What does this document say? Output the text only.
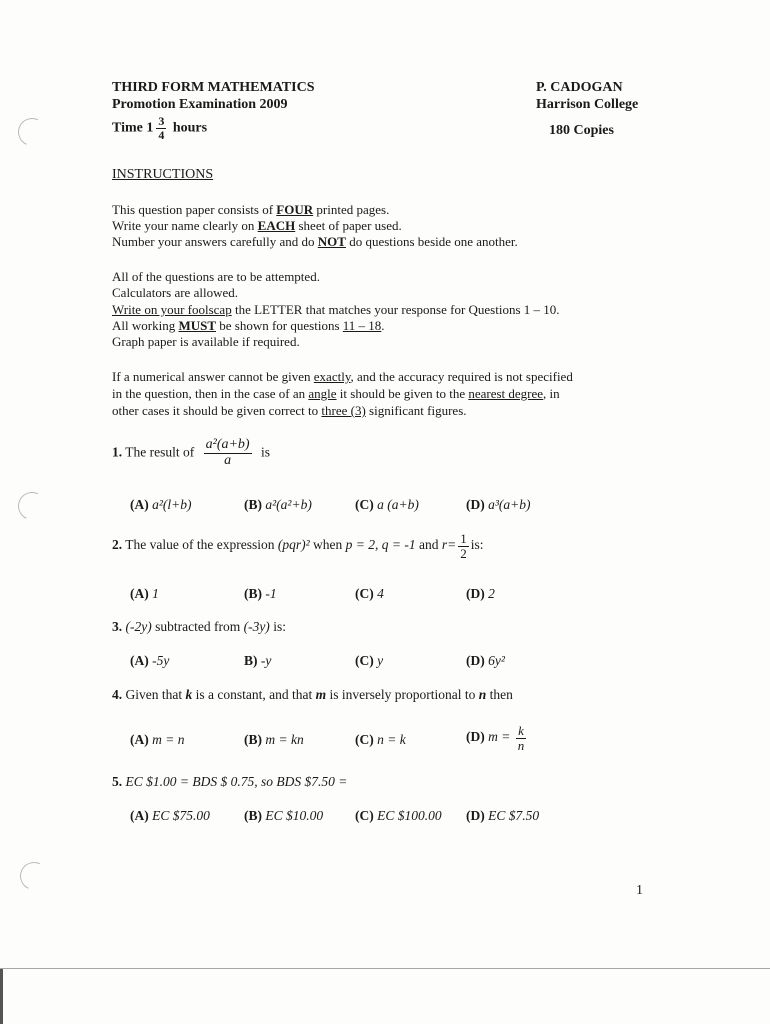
THIRD FORM MATHEMATICS
Promotion Examination 2009
Time $1 \frac{3}{4}$ hours
P. CADOGAN
Harrison College
180 Copies
INSTRUCTIONS
This question paper consists of FOUR printed pages.
Write your name clearly on EACH sheet of paper used.
Number your answers carefully and do NOT do questions beside one another.
All of the questions are to be attempted.
Calculators are allowed.
Write on your foolscap the LETTER that matches your response for Questions 1 – 10.
All working MUST be shown for questions 11 – 18.
Graph paper is available if required.
If a numerical answer cannot be given exactly, and the accuracy required is not specified
in the question, then in the case of an angle it should be given to the nearest degree, in
other cases it should be given correct to three (3) significant figures.
1. The result of $\frac{\text{a²(a+b)}}{a}$ is
(A) a²(l+b)	(B) a²(a²+b)	(C) a (a+b)	(D) a³(a+b)
2. The value of the expression (pqr)² when p = 2, q = -1 and $r= \frac{1}{2}$ is:
(A) 1	(B) -1	(C) 4	(D) 2
3. (-2y) subtracted from (-3y) is:
(A) -5y	B) -y	(C) y	(D) 6y²
4. Given that k is a constant, and that m is inversely proportional to n then
(A) m = n	(B) m = kn	(C) n = k	(D) $m = \frac{k}{n}$
5. EC $1.00 = BDS $ 0.75, so BDS $7.50 =
(A) EC $75.00	(B) EC $10.00 (C) EC $100.00 (D) EC $7.50
1
